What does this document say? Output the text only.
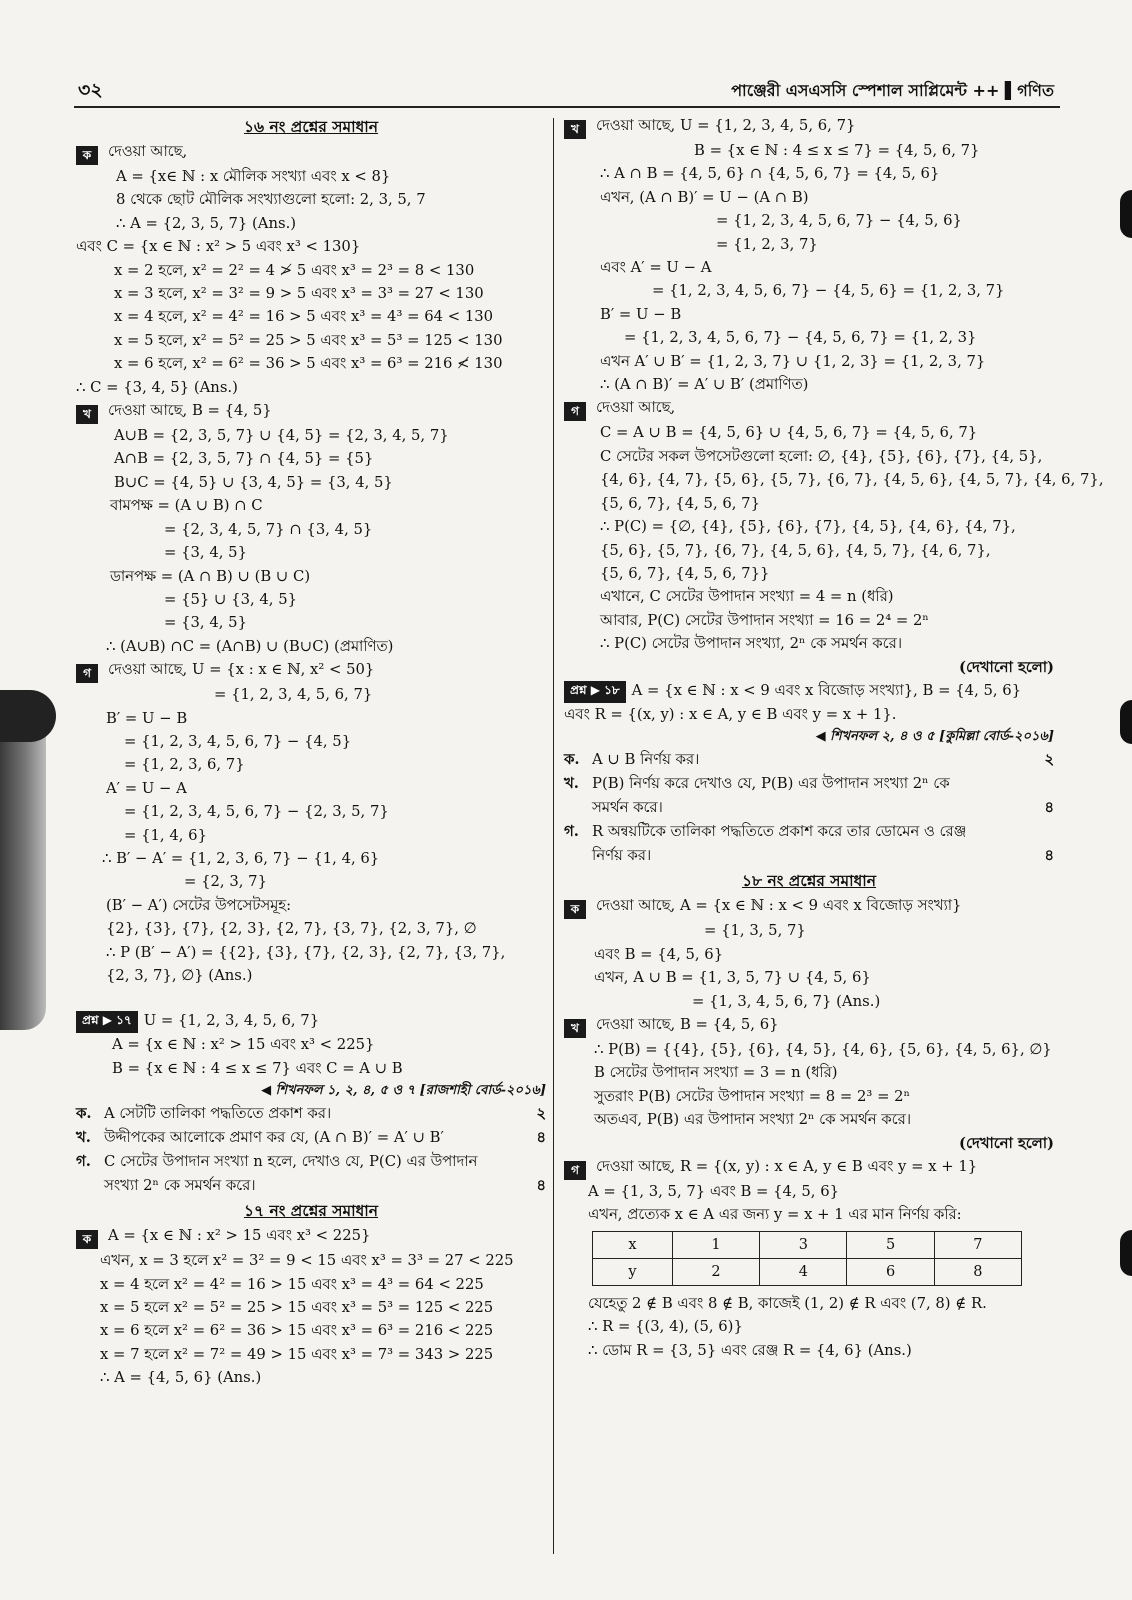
৩২	পাঞ্জেরী এসএসসি স্পেশাল সাপ্লিমেন্ট ++ ▌গণিত
১৬ নং প্রশ্নের সমাধান
ক দেওয়া আছে,
A = {x∈ ℕ : x মৌলিক সংখ্যা এবং x < 8}
8 থেকে ছোট মৌলিক সংখ্যাগুলো হলো: 2, 3, 5, 7
∴ A = {2, 3, 5, 7} (Ans.)
এবং C = {x ∈ ℕ : x² > 5 এবং x³ < 130}
x = 2 হলে, x² = 2² = 4 ≯ 5 এবং x³ = 2³ = 8 < 130
x = 3 হলে, x² = 3² = 9 > 5 এবং x³ = 3³ = 27 < 130
x = 4 হলে, x² = 4² = 16 > 5 এবং x³ = 4³ = 64 < 130
x = 5 হলে, x² = 5² = 25 > 5 এবং x³ = 5³ = 125 < 130
x = 6 হলে, x² = 6² = 36 > 5 এবং x³ = 6³ = 216 ≮ 130
∴ C = {3, 4, 5} (Ans.)
খ দেওয়া আছে, B = {4, 5}
A∪B = {2, 3, 5, 7} ∪ {4, 5} = {2, 3, 4, 5, 7}
A∩B = {2, 3, 5, 7} ∩ {4, 5} = {5}
B∪C = {4, 5} ∪ {3, 4, 5} = {3, 4, 5}
বামপক্ষ = (A ∪ B) ∩ C
= {2, 3, 4, 5, 7} ∩ {3, 4, 5}
= {3, 4, 5}
ডানপক্ষ = (A ∩ B) ∪ (B ∪ C)
= {5} ∪ {3, 4, 5}
= {3, 4, 5}
∴ (A∪B) ∩C = (A∩B) ∪ (B∪C) (প্রমাণিত)
গ দেওয়া আছে, U = {x : x ∈ ℕ, x² < 50}
= {1, 2, 3, 4, 5, 6, 7}
B′ = U − B
= {1, 2, 3, 4, 5, 6, 7} − {4, 5}
= {1, 2, 3, 6, 7}
A′ = U − A
= {1, 2, 3, 4, 5, 6, 7} − {2, 3, 5, 7}
= {1, 4, 6}
∴ B′ − A′ = {1, 2, 3, 6, 7} − {1, 4, 6}
= {2, 3, 7}
(B′ − A′) সেটের উপসেটসমূহ:
{2}, {3}, {7}, {2, 3}, {2, 7}, {3, 7}, {2, 3, 7}, ∅
∴ P (B′ − A′) = {{2}, {3}, {7}, {2, 3}, {2, 7}, {3, 7},
{2, 3, 7}, ∅} (Ans.)
প্রশ্ন ▶ ১৭ U = {1, 2, 3, 4, 5, 6, 7}
A = {x ∈ ℕ : x² > 15 এবং x³ < 225}
B = {x ∈ ℕ : 4 ≤ x ≤ 7} এবং C = A ∪ B
◀ শিখনফল ১, ২, ৪, ৫ ও ৭ [রাজশাহী বোর্ড-২০১৬]
ক. A সেটটি তালিকা পদ্ধতিতে প্রকাশ কর।	২
খ. উদ্দীপকের আলোকে প্রমাণ কর যে, (A ∩ B)′ = A′ ∪ B′	৪
গ. C সেটের উপাদান সংখ্যা n হলে, দেখাও যে, P(C) এর উপাদান
সংখ্যা 2ⁿ কে সমর্থন করে।	৪
১৭ নং প্রশ্নের সমাধান
ক A = {x ∈ ℕ : x² > 15 এবং x³ < 225}
এখন, x = 3 হলে x² = 3² = 9 < 15 এবং x³ = 3³ = 27 < 225
x = 4 হলে x² = 4² = 16 > 15 এবং x³ = 4³ = 64 < 225
x = 5 হলে x² = 5² = 25 > 15 এবং x³ = 5³ = 125 < 225
x = 6 হলে x² = 6² = 36 > 15 এবং x³ = 6³ = 216 < 225
x = 7 হলে x² = 7² = 49 > 15 এবং x³ = 7³ = 343 > 225
∴ A = {4, 5, 6} (Ans.)
খ দেওয়া আছে, U = {1, 2, 3, 4, 5, 6, 7}
B = {x ∈ ℕ : 4 ≤ x ≤ 7} = {4, 5, 6, 7}
∴ A ∩ B = {4, 5, 6} ∩ {4, 5, 6, 7} = {4, 5, 6}
এখন, (A ∩ B)′ = U − (A ∩ B)
= {1, 2, 3, 4, 5, 6, 7} − {4, 5, 6}
= {1, 2, 3, 7}
এবং A′ = U − A
= {1, 2, 3, 4, 5, 6, 7} − {4, 5, 6} = {1, 2, 3, 7}
B′ = U − B
= {1, 2, 3, 4, 5, 6, 7} − {4, 5, 6, 7} = {1, 2, 3}
এখন A′ ∪ B′ = {1, 2, 3, 7} ∪ {1, 2, 3} = {1, 2, 3, 7}
∴ (A ∩ B)′ = A′ ∪ B′ (প্রমাণিত)
গ দেওয়া আছে,
C = A ∪ B = {4, 5, 6} ∪ {4, 5, 6, 7} = {4, 5, 6, 7}
C সেটের সকল উপসেটগুলো হলো: ∅, {4}, {5}, {6}, {7}, {4, 5},
{4, 6}, {4, 7}, {5, 6}, {5, 7}, {6, 7}, {4, 5, 6}, {4, 5, 7}, {4, 6, 7},
{5, 6, 7}, {4, 5, 6, 7}
∴ P(C) = {∅, {4}, {5}, {6}, {7}, {4, 5}, {4, 6}, {4, 7},
{5, 6}, {5, 7}, {6, 7}, {4, 5, 6}, {4, 5, 7}, {4, 6, 7},
{5, 6, 7}, {4, 5, 6, 7}}
এখানে, C সেটের উপাদান সংখ্যা = 4 = n (ধরি)
আবার, P(C) সেটের উপাদান সংখ্যা = 16 = 2⁴ = 2ⁿ
∴ P(C) সেটের উপাদান সংখ্যা, 2ⁿ কে সমর্থন করে।
(দেখানো হলো)
প্রশ্ন ▶ ১৮ A = {x ∈ ℕ : x < 9 এবং x বিজোড় সংখ্যা}, B = {4, 5, 6}
এবং R = {(x, y) : x ∈ A, y ∈ B এবং y = x + 1}.
◀ শিখনফল ২, ৪ ও ৫ [কুমিল্লা বোর্ড-২০১৬]
ক. A ∪ B নির্ণয় কর।	২
খ. P(B) নির্ণয় করে দেখাও যে, P(B) এর উপাদান সংখ্যা 2ⁿ কে
সমর্থন করে।	৪
গ. R অন্বয়টিকে তালিকা পদ্ধতিতে প্রকাশ করে তার ডোমেন ও রেঞ্জ
নির্ণয় কর।	৪
১৮ নং প্রশ্নের সমাধান
ক দেওয়া আছে, A = {x ∈ ℕ : x < 9 এবং x বিজোড় সংখ্যা}
= {1, 3, 5, 7}
এবং B = {4, 5, 6}
এখন, A ∪ B = {1, 3, 5, 7} ∪ {4, 5, 6}
= {1, 3, 4, 5, 6, 7} (Ans.)
খ দেওয়া আছে, B = {4, 5, 6}
∴ P(B) = {{4}, {5}, {6}, {4, 5}, {4, 6}, {5, 6}, {4, 5, 6}, ∅}
B সেটের উপাদান সংখ্যা = 3 = n (ধরি)
সুতরাং P(B) সেটের উপাদান সংখ্যা = 8 = 2³ = 2ⁿ
অতএব, P(B) এর উপাদান সংখ্যা 2ⁿ কে সমর্থন করে।
(দেখানো হলো)
গ দেওয়া আছে, R = {(x, y) : x ∈ A, y ∈ B এবং y = x + 1}
A = {1, 3, 5, 7} এবং B = {4, 5, 6}
এখন, প্রত্যেক x ∈ A এর জন্য y = x + 1 এর মান নির্ণয় করি:
x	1	3	5	7
y	2	4	6	8
যেহেতু 2 ∉ B এবং 8 ∉ B, কাজেই (1, 2) ∉ R এবং (7, 8) ∉ R.
∴ R = {(3, 4), (5, 6)}
∴ ডোম R = {3, 5} এবং রেঞ্জ R = {4, 6} (Ans.)
